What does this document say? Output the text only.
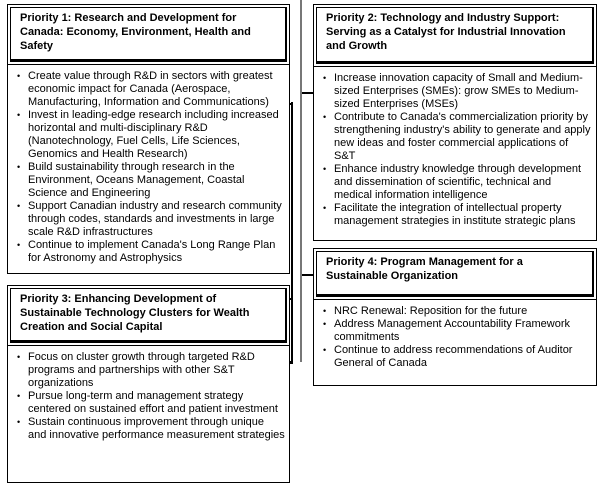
Priority 1: Research and Development for Canada: Economy, Environment, Health and Safety
• Create value through R&D in sectors with greatest economic impact for Canada (Aerospace, Manufacturing, Information and Communications)
• Invest in leading-edge research including increased horizontal and multi-disciplinary R&D (Nanotechnology, Fuel Cells, Life Sciences, Genomics and Health Research)
• Build sustainability through research in the Environment, Oceans Management, Coastal Science and Engineering
• Support Canadian industry and research community through codes, standards and investments in large scale R&D infrastructures
• Continue to implement Canada's Long Range Plan for Astronomy and Astrophysics
Priority 2: Technology and Industry Support: Serving as a Catalyst for Industrial Innovation and Growth
• Increase innovation capacity of Small and Medium-sized Enterprises (SMEs): grow SMEs to Medium-sized Enterprises (MSEs)
• Contribute to Canada's commercialization priority by strengthening industry's ability to generate and apply new ideas and foster commercial applications of S&T
• Enhance industry knowledge through development and dissemination of scientific, technical and medical information intelligence
• Facilitate the integration of intellectual property management strategies in institute strategic plans
Priority 3: Enhancing Development of Sustainable Technology Clusters for Wealth Creation and Social Capital
• Focus on cluster growth through targeted R&D programs and partnerships with other S&T organizations
• Pursue long-term and management strategy centered on sustained effort and patient investment
• Sustain continuous improvement through unique and innovative performance measurement strategies
Priority 4: Program Management for a Sustainable Organization
• NRC Renewal: Reposition for the future
• Address Management Accountability Framework commitments
• Continue to address recommendations of Auditor General of Canada
